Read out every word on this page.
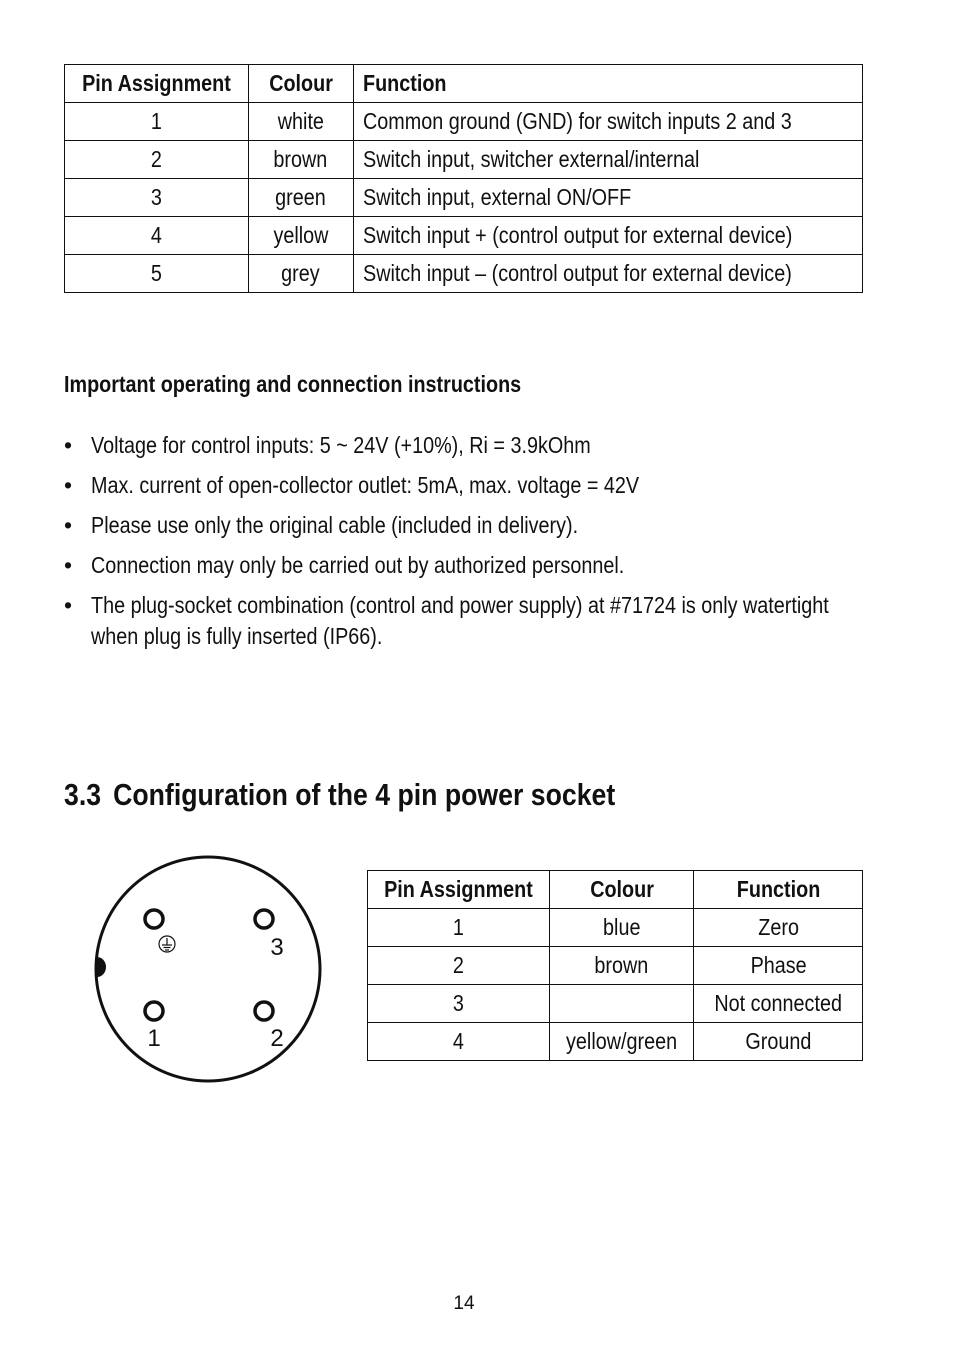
Pin Assignment	Colour	Function
1	white	Common ground (GND) for switch inputs 2 and 3
2	brown	Switch input, switcher external/internal
3	green	Switch input, external ON/OFF
4	yellow	Switch input + (control output for external device)
5	grey	Switch input – (control output for external device)
Important operating and connection instructions
• Voltage for control inputs: 5 ~ 24V (+10%), Ri = 3.9kOhm
• Max. current of open-collector outlet: 5mA, max. voltage = 42V
• Please use only the original cable (included in delivery).
• Connection may only be carried out by authorized personnel.
• The plug-socket combination (control and power supply) at #71724 is only watertight when plug is fully inserted (IP66).
3.3 Configuration of the 4 pin power socket
1	2
3
Pin Assignment	Colour	Function
1	blue	Zero
2	brown	Phase
3		Not connected
4	yellow/green	Ground
14
